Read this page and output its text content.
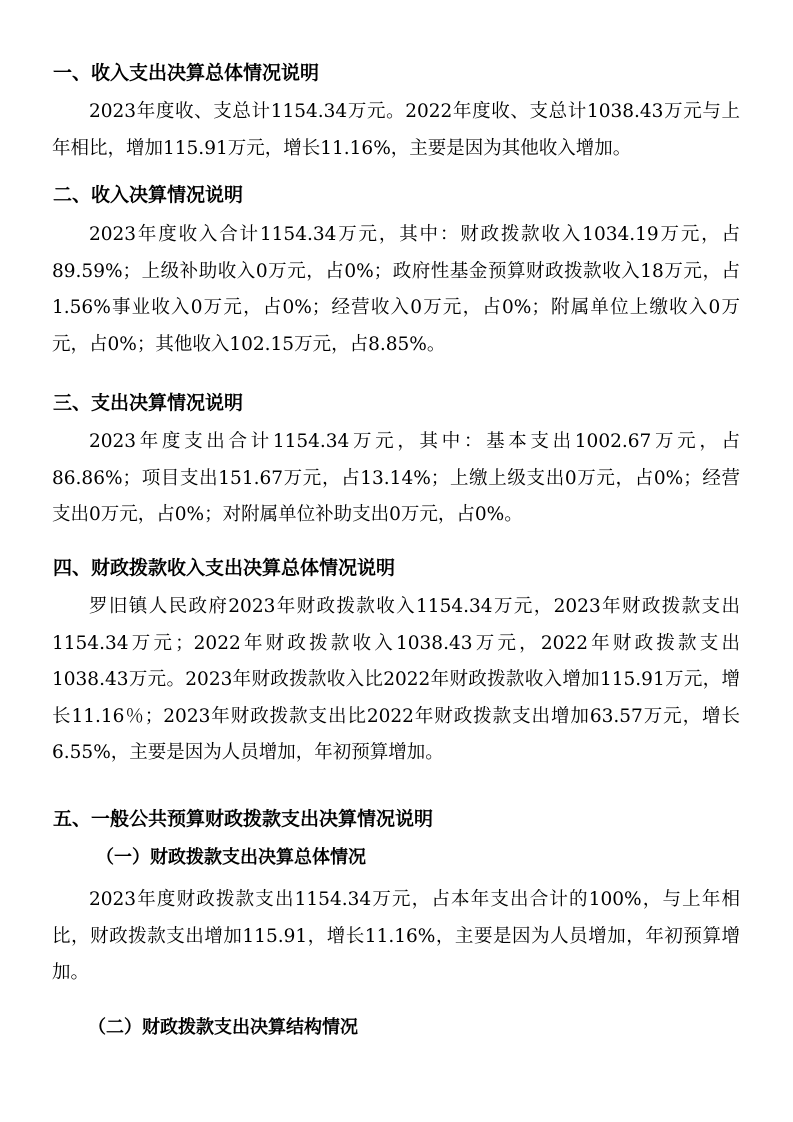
一、收入支出决算总体情况说明

2023年度收、支总计1154.34万元。2022年度收、支总计1038.43万元与上年相比，增加115.91万元，增长11.16%，主要是因为其他收入增加。

二、收入决算情况说明

2023年度收入合计1154.34万元，其中：财政拨款收入1034.19万元，占89.59%；上级补助收入0万元，占0%；政府性基金预算财政拨款收入18万元，占1.56%事业收入0万元，占0%；经营收入0万元，占0%；附属单位上缴收入0万元，占0%；其他收入102.15万元，占8.85%。

三、支出决算情况说明

2023年度支出合计1154.34万元，其中：基本支出1002.67万元，占86.86%；项目支出151.67万元，占13.14%；上缴上级支出0万元，占0%；经营支出0万元，占0%；对附属单位补助支出0万元，占0%。

四、财政拨款收入支出决算总体情况说明

罗旧镇人民政府2023年财政拨款收入1154.34万元，2023年财政拨款支出1154.34万元；2022年财政拨款收入1038.43万元，2022年财政拨款支出1038.43万元。2023年财政拨款收入比2022年财政拨款收入增加115.91万元，增长11.16％；2023年财政拨款支出比2022年财政拨款支出增加63.57万元，增长6.55%，主要是因为人员增加，年初预算增加。

五、一般公共预算财政拨款支出决算情况说明
（一）财政拨款支出决算总体情况

2023年度财政拨款支出1154.34万元，占本年支出合计的100%，与上年相比，财政拨款支出增加115.91，增长11.16%，主要是因为人员增加，年初预算增加。

（二）财政拨款支出决算结构情况
